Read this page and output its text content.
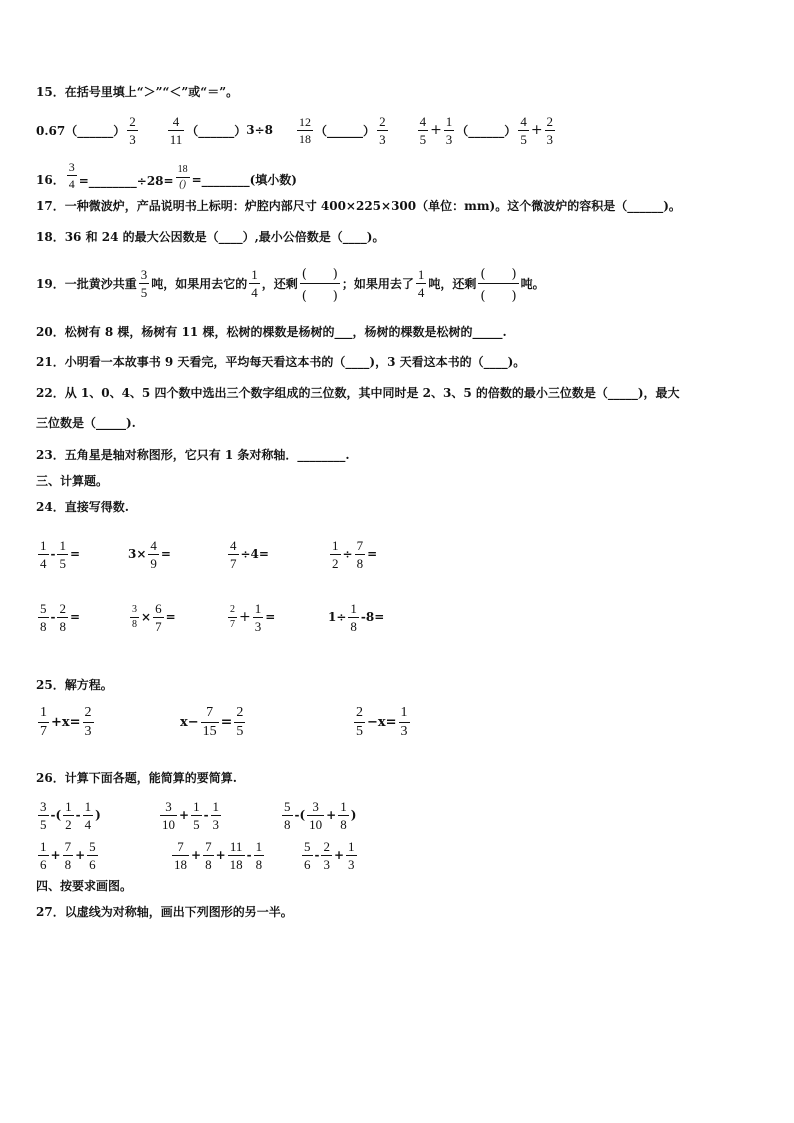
15．在括号里填上“＞”“＜”或“＝”。
0.67（______） $\frac{2}{3} \frac{4}{11}$ （______） $3\div 8 \frac{12}{18}$ （______） $\frac{2}{3} \frac{4}{5} + \frac{1}{3}$ （______） $\frac{4}{5} + \frac{2}{3}$
16． $\frac{3}{4}$ =________÷28= $\frac{18}{()}$ =________(填小数)
17．一种微波炉，产品说明书上标明：炉腔内部尺寸 400×225×300（单位：mm)。这个微波炉的容积是（______)。
18．36 和 24 的最大公因数是（____）,最小公倍数是（____)。
19．一批黄沙共重 $\frac{3}{5}$ 吨，如果用去它的 $\frac{1}{4}$ ，还剩
(　　)
(　　)
；如果用去了 $\frac{1}{4}$ 吨，还剩
(　　)
(　　)
吨。
20．松树有 8 棵，杨树有 11 棵，松树的棵数是杨树的___，杨树的棵数是松树的_____.
21．小明看一本故事书 9 天看完，平均每天看这本书的（____)，3 天看这本书的（____)。
22．从 1、0、4、5 四个数中选出三个数字组成的三位数，其中同时是 2、3、5 的倍数的最小三位数是（_____)，最大
三位数是（_____).
23．五角星是轴对称图形，它只有 1 条对称轴．________.
三、计算题。
24．直接写得数.
$\frac{1}{4} - \frac{1}{5}$ =	$3 \times \frac{4}{9}$ =	$\frac{4}{7} \div 4=$	$\frac{1}{2} \div \frac{7}{8}$ =
$\frac{5}{8} - \frac{2}{8}$ =	$\frac{3}{8} \times \frac{6}{7}$ =	$\frac{2}{7} + \frac{1}{3}$ =	$1 \div \frac{1}{8} -8=$
25．解方程。
$\frac{1}{7} +x= \frac{2}{3}$	$x- \frac{7}{15} = \frac{2}{5}$	$\frac{2}{5} -x= \frac{1}{3}$
26．计算下面各题，能简算的要简算.
$\frac{3}{5}$ -( $\frac{1}{2} - \frac{1}{4}$ )	$\frac{3}{10} + \frac{1}{5} - \frac{1}{3}$	$\frac{5}{8}$ -( $\frac{3}{10} + \frac{1}{8}$ )
$\frac{1}{6} + \frac{7}{8} + \frac{5}{6}$	$\frac{7}{18} + \frac{7}{8} + \frac{11}{18} - \frac{1}{8}$	$\frac{5}{6} - \frac{2}{3} + \frac{1}{3}$
四、按要求画图。
27．以虚线为对称轴，画出下列图形的另一半。
